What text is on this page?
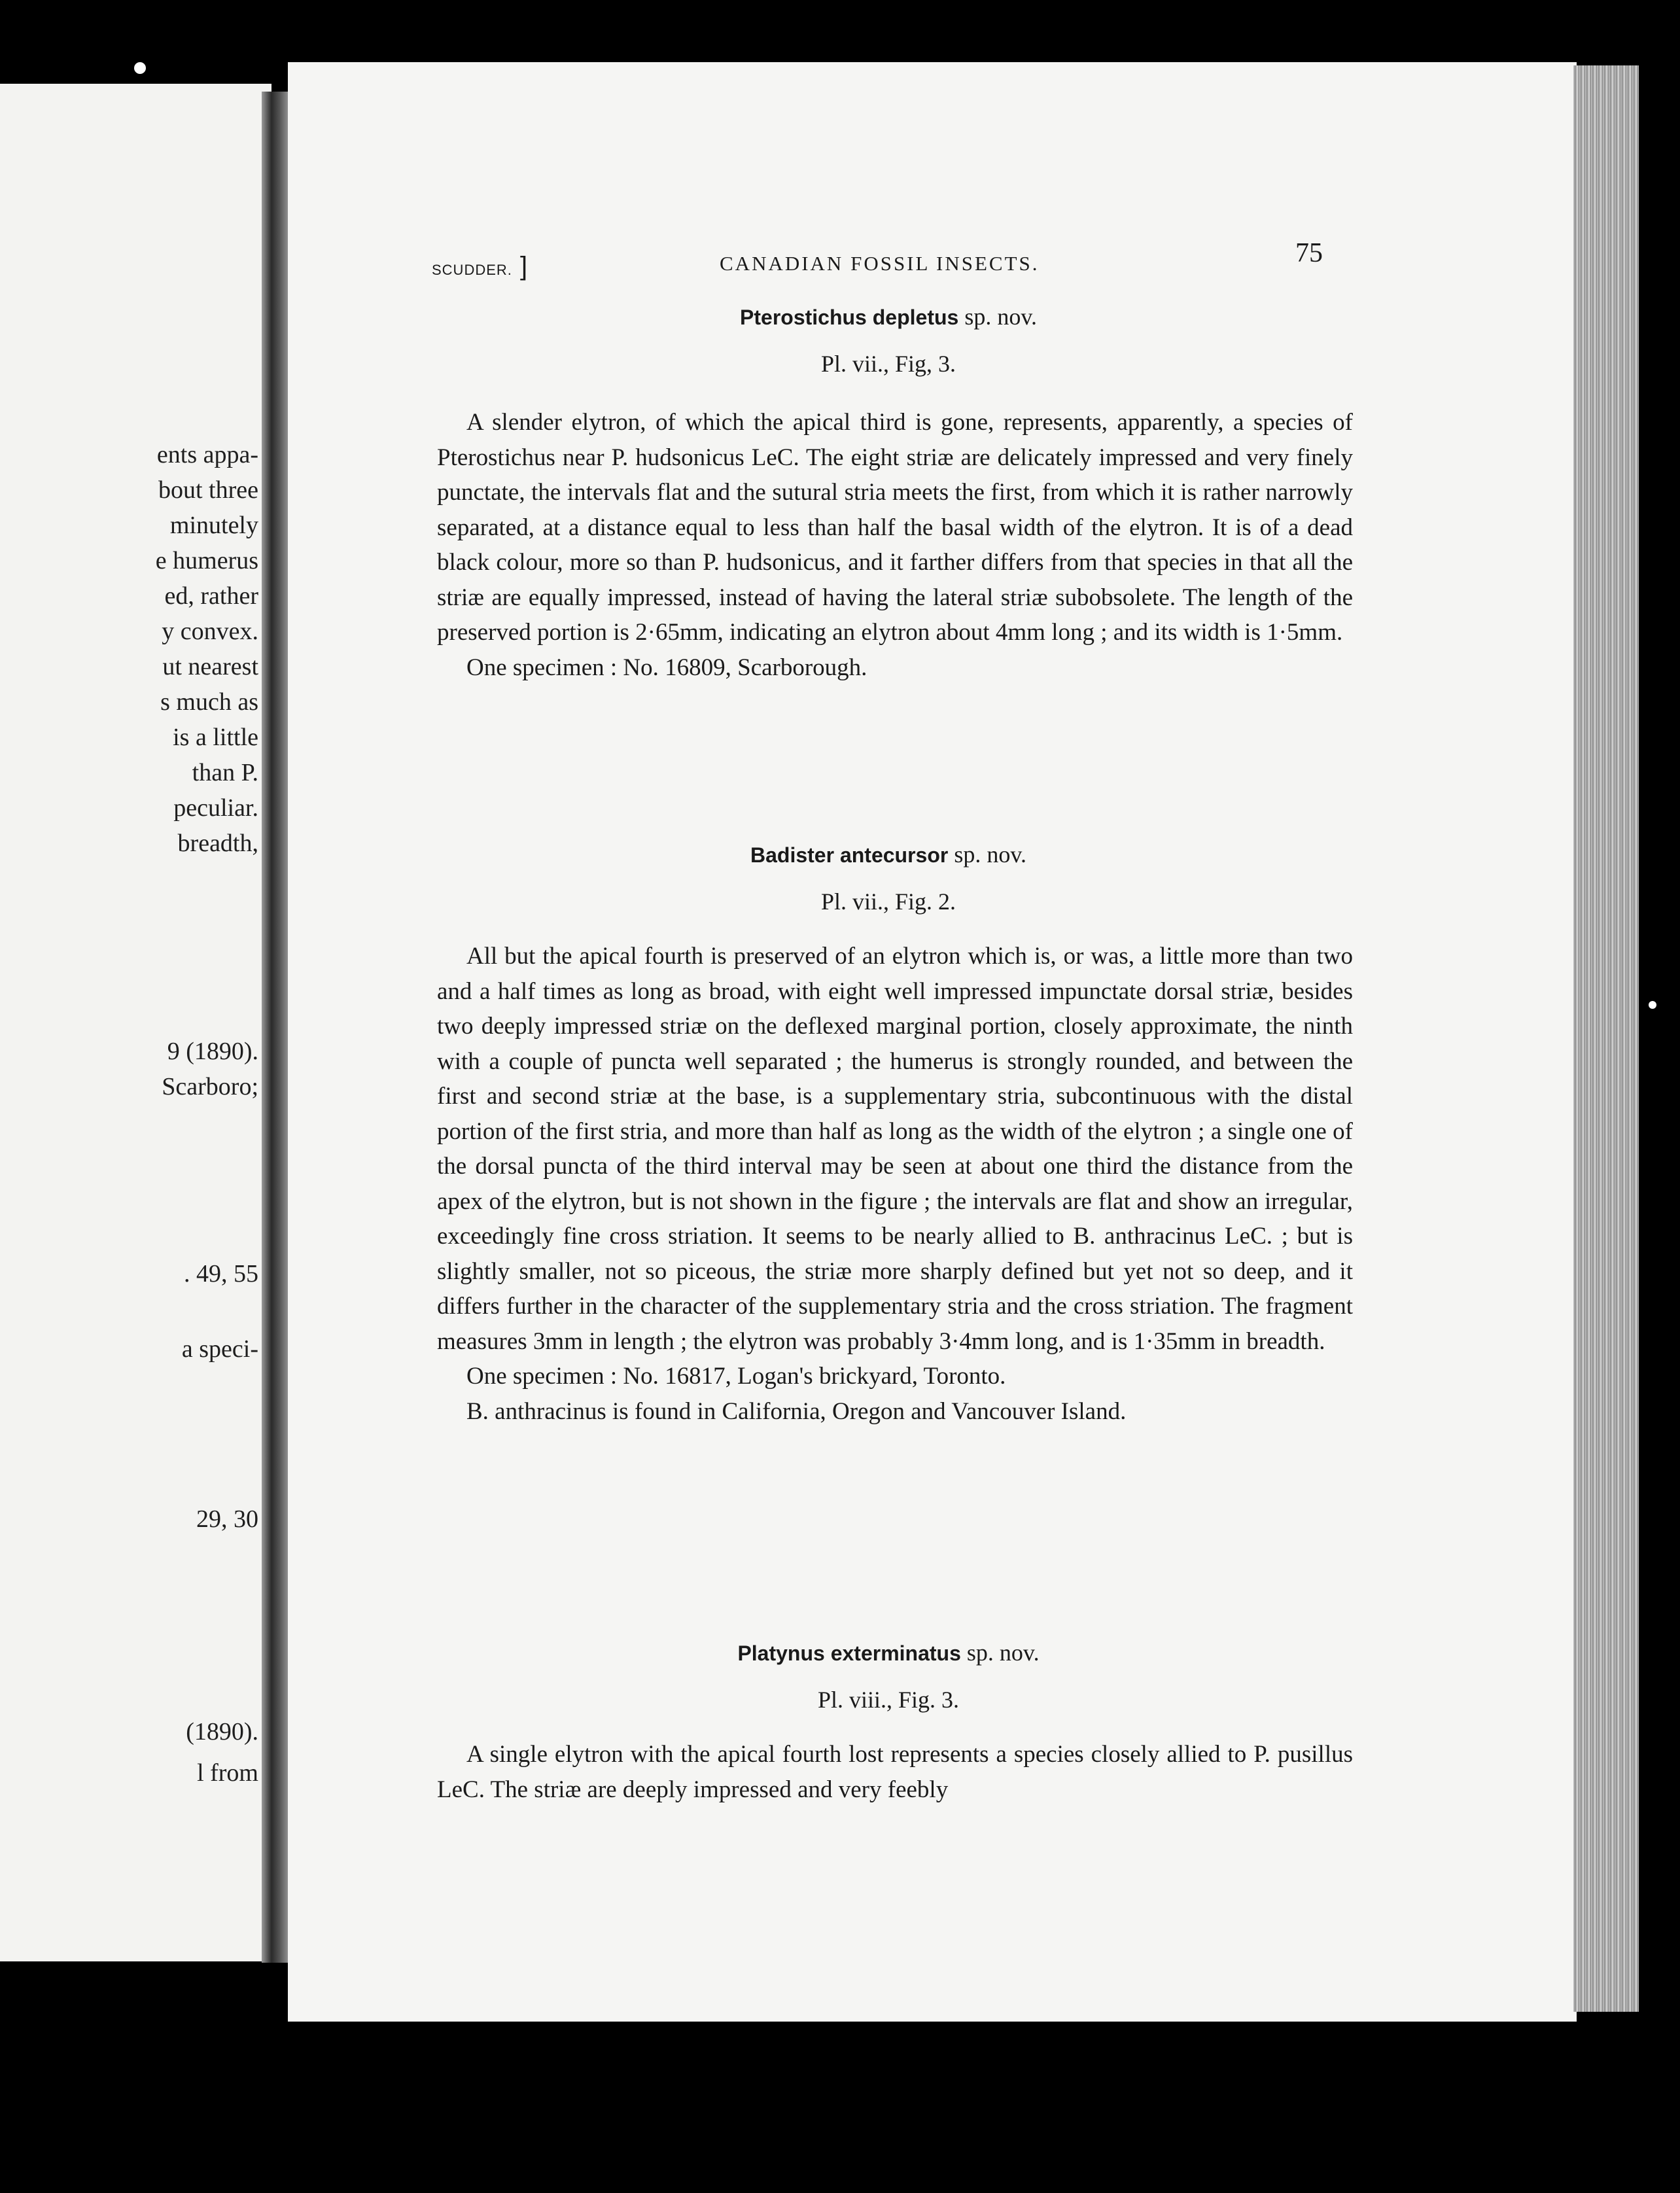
ents appa-
bout three
minutely
e humerus
ed, rather
y convex.
ut nearest
s much as
is a little
than P.
peculiar.
breadth,
9 (1890).
Scarboro;
. 49, 55
a speci-
29, 30
(1890).
l from
SCUDDER. ]	CANADIAN FOSSIL INSECTS.	75

Pterostichus depletus sp. nov.

Pl. vii., Fig, 3.

A slender elytron, of which the apical third is gone, represents, apparently, a species of Pterostichus near P. hudsonicus LeC. The eight striæ are delicately impressed and very finely punctate, the intervals flat and the sutural stria meets the first, from which it is rather narrowly separated, at a distance equal to less than half the basal width of the elytron. It is of a dead black colour, more so than P. hudsonicus, and it farther differs from that species in that all the striæ are equally impressed, instead of having the lateral striæ subobsolete. The length of the preserved portion is 2·65mm, indicating an elytron about 4mm long ; and its width is 1·5mm.

One specimen : No. 16809, Scarborough.

Badister antecursor sp. nov.

Pl. vii., Fig. 2.

All but the apical fourth is preserved of an elytron which is, or was, a little more than two and a half times as long as broad, with eight well impressed impunctate dorsal striæ, besides two deeply impressed striæ on the deflexed marginal portion, closely approximate, the ninth with a couple of puncta well separated ; the humerus is strongly rounded, and between the first and second striæ at the base, is a supplementary stria, subcontinuous with the distal portion of the first stria, and more than half as long as the width of the elytron ; a single one of the dorsal puncta of the third interval may be seen at about one third the distance from the apex of the elytron, but is not shown in the figure ; the intervals are flat and show an irregular, exceedingly fine cross striation. It seems to be nearly allied to B. anthracinus LeC. ; but is slightly smaller, not so piceous, the striæ more sharply defined but yet not so deep, and it differs further in the character of the supplementary stria and the cross striation. The fragment measures 3mm in length ; the elytron was probably 3·4mm long, and is 1·35mm in breadth.

One specimen : No. 16817, Logan's brickyard, Toronto.

B. anthracinus is found in California, Oregon and Vancouver Island.

Platynus exterminatus sp. nov.

Pl. viii., Fig. 3.

A single elytron with the apical fourth lost represents a species closely allied to P. pusillus LeC. The striæ are deeply impressed and very feebly
